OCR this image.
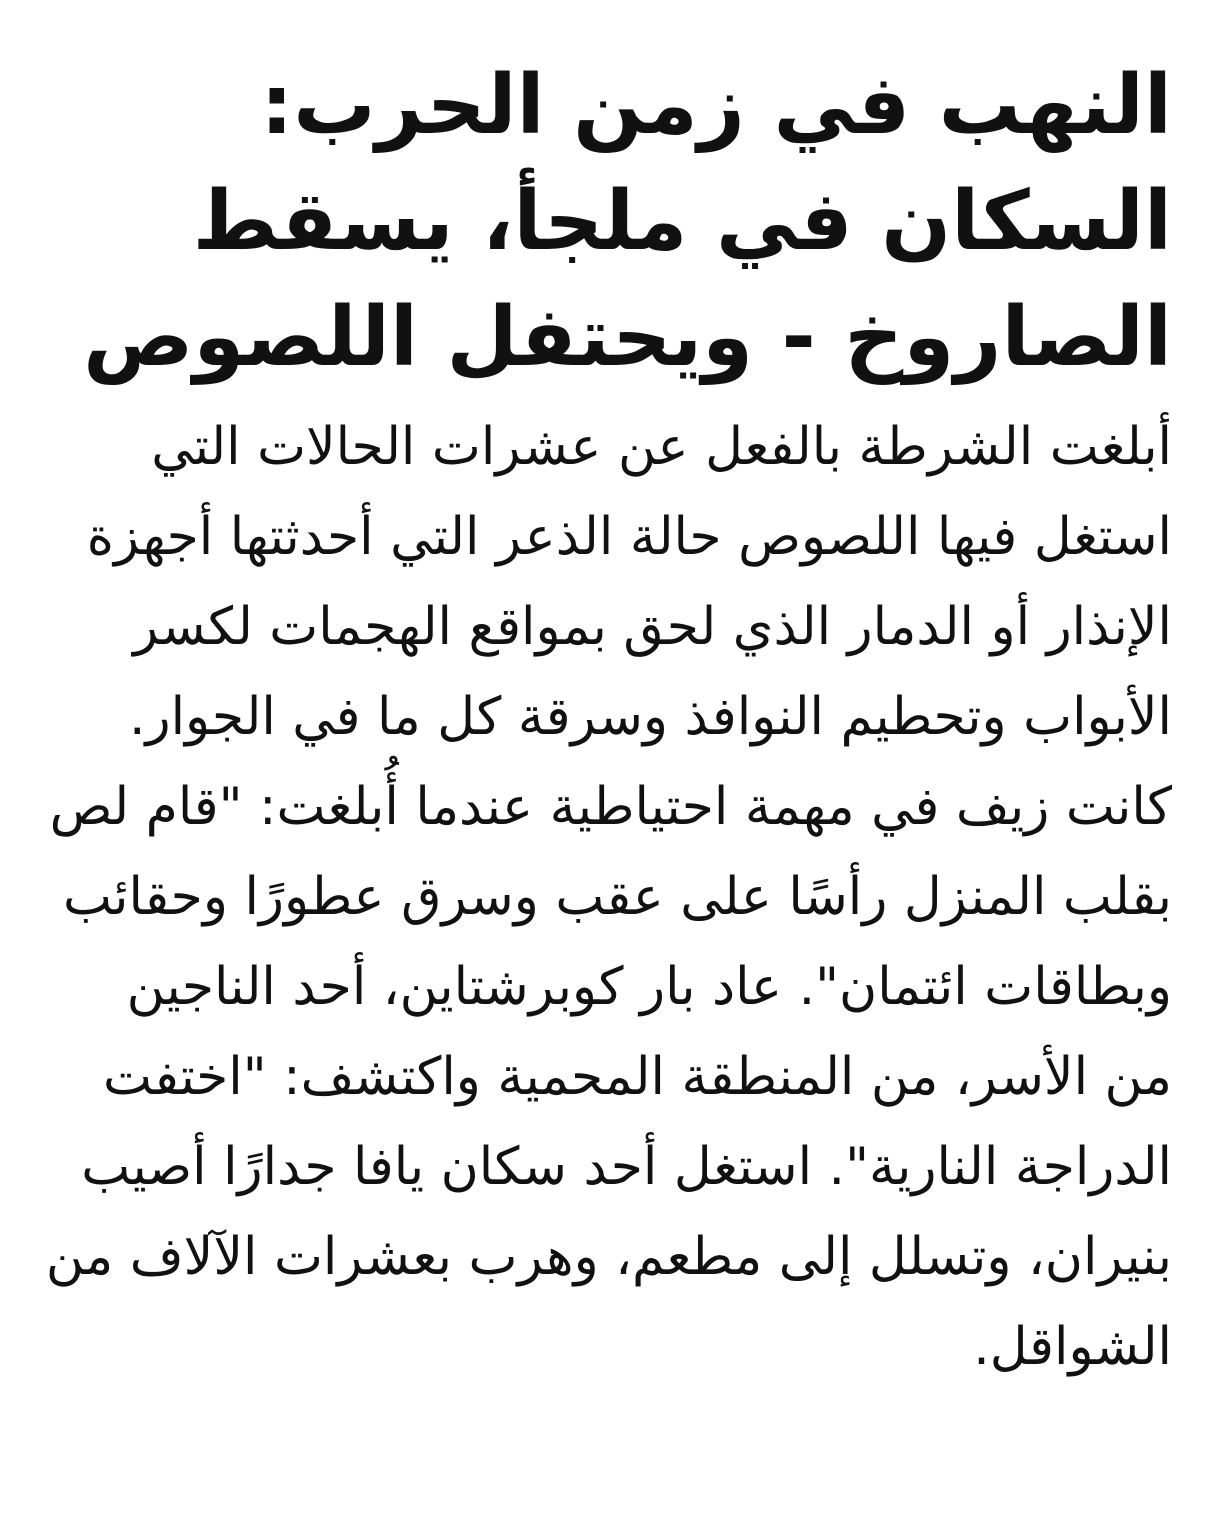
النهب في زمن الحرب: السكان في ملجأ، يسقط الصاروخ - ويحتفل اللصوص

أبلغت الشرطة بالفعل عن عشرات الحالات التي استغل فيها اللصوص حالة الذعر التي أحدثتها أجهزة الإنذار أو الدمار الذي لحق بمواقع الهجمات لكسر الأبواب وتحطيم النوافذ وسرقة كل ما في الجوار. كانت زيف في مهمة احتياطية عندما أُبلغت: "قام لص بقلب المنزل رأسًا على عقب وسرق عطورًا وحقائب وبطاقات ائتمان". عاد بار كوبرشتاين، أحد الناجين من الأسر، من المنطقة المحمية واكتشف: "اختفت الدراجة النارية". استغل أحد سكان يافا جدارًا أصيب بنيران، وتسلل إلى مطعم، وهرب بعشرات الآلاف من الشواقل.
